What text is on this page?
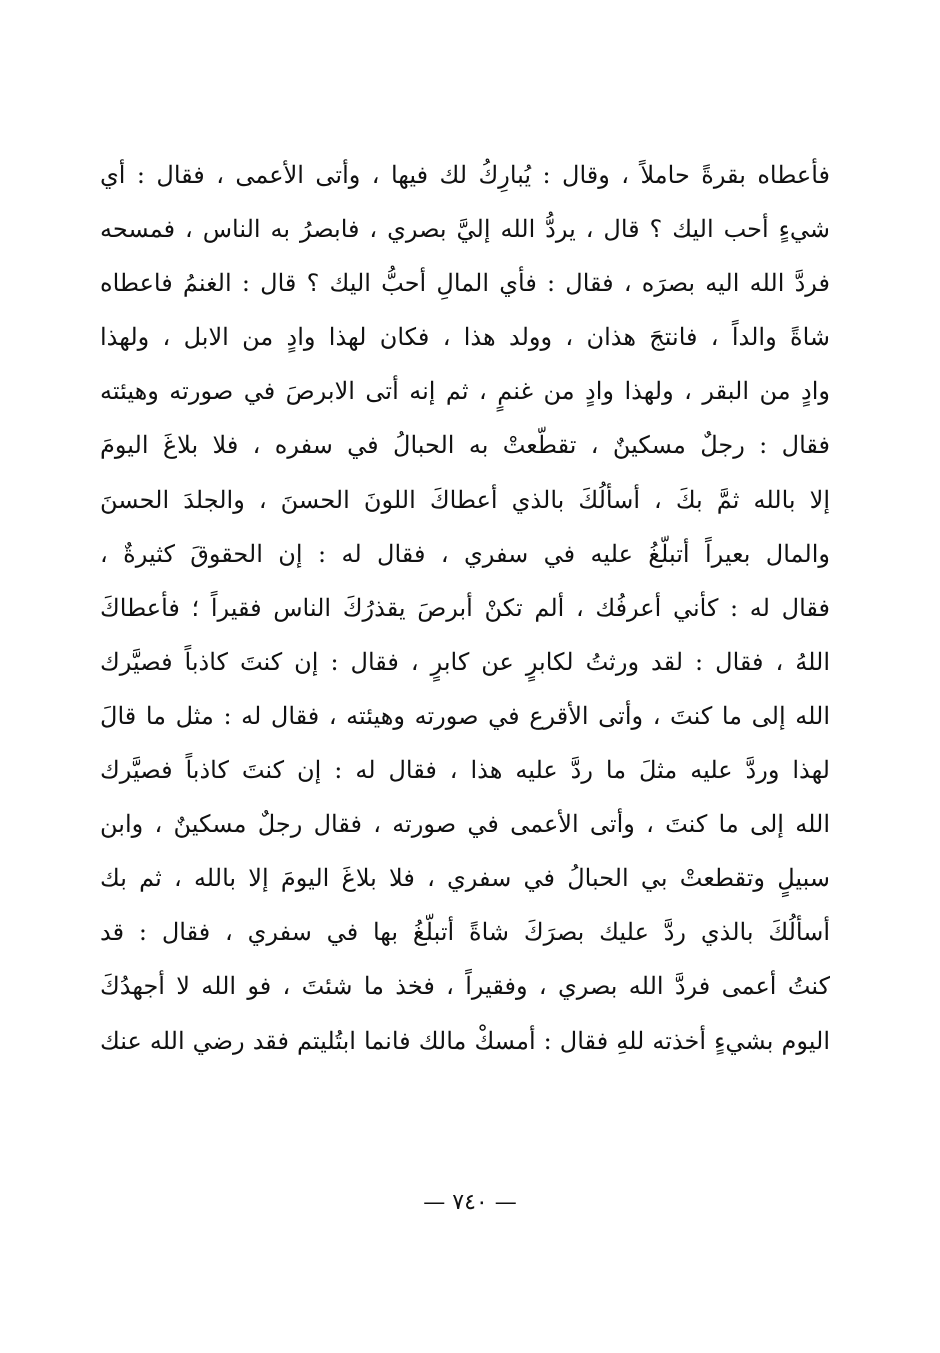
فأعطاه بقرةً حاملاً ، وقال : يُبارِكُ لك فيها ، وأتى الأعمى ، فقال : أي
شيءٍ أحب اليك ؟ قال ، يردُّ الله إليَّ بصري ، فابصرُ به الناس ، فمسحه
فردَّ الله اليه بصرَه ، فقال : فأي المالِ أحبُّ اليك ؟ قال : الغنمُ فاعطاه
شاةً والداً ، فانتجَ هذان ، وولد هذا ، فكان لهذا وادٍ من الابل ، ولهذا
وادٍ من البقر ، ولهذا وادٍ من غنمٍ ، ثم إنه أتى الابرصَ في صورته وهيئته
فقال : رجلٌ مسكينٌ ، تقطّعتْ به الحبالُ في سفره ، فلا بلاغَ اليومَ
إلا بالله ثمَّ بكَ ، أسألُكَ بالذي أعطاكَ اللونَ الحسنَ ، والجلدَ الحسنَ
والمال بعيراً أتبلّغُ عليه في سفري ، فقال له : إن الحقوقَ كثيرةٌ ،
فقال له : كأني أعرفُك ، ألم تكنْ أبرصَ يقذرُكَ الناس فقيراً ؛ فأعطاكَ
اللهُ ، فقال : لقد ورثتُ لكابرٍ عن كابرٍ ، فقال : إن كنتَ كاذباً فصيَّرك
الله إلى ما كنتَ ، وأتى الأقرع في صورته وهيئته ، فقال له : مثل ما قالَ
لهذا وردَّ عليه مثلَ ما ردَّ عليه هذا ، فقال له : إن كنتَ كاذباً فصيَّرك
الله إلى ما كنتَ ، وأتى الأعمى في صورته ، فقال رجلٌ مسكينٌ ، وابن
سبيلٍ وتقطعتْ بي الحبالُ في سفري ، فلا بلاغَ اليومَ إلا بالله ، ثم بك
أسألُكَ بالذي ردَّ عليك بصرَكَ شاةً أتبلّغُ بها في سفري ، فقال : قد
كنتُ أعمى فردَّ الله بصري ، وفقيراً ، فخذ ما شئتَ ، فو الله لا أجهدُكَ
اليوم بشيءٍ أخذته للهِ فقال : أمسكْ مالك فانما ابتُليتم فقد رضي الله عنك
— ٧٤٠ —
